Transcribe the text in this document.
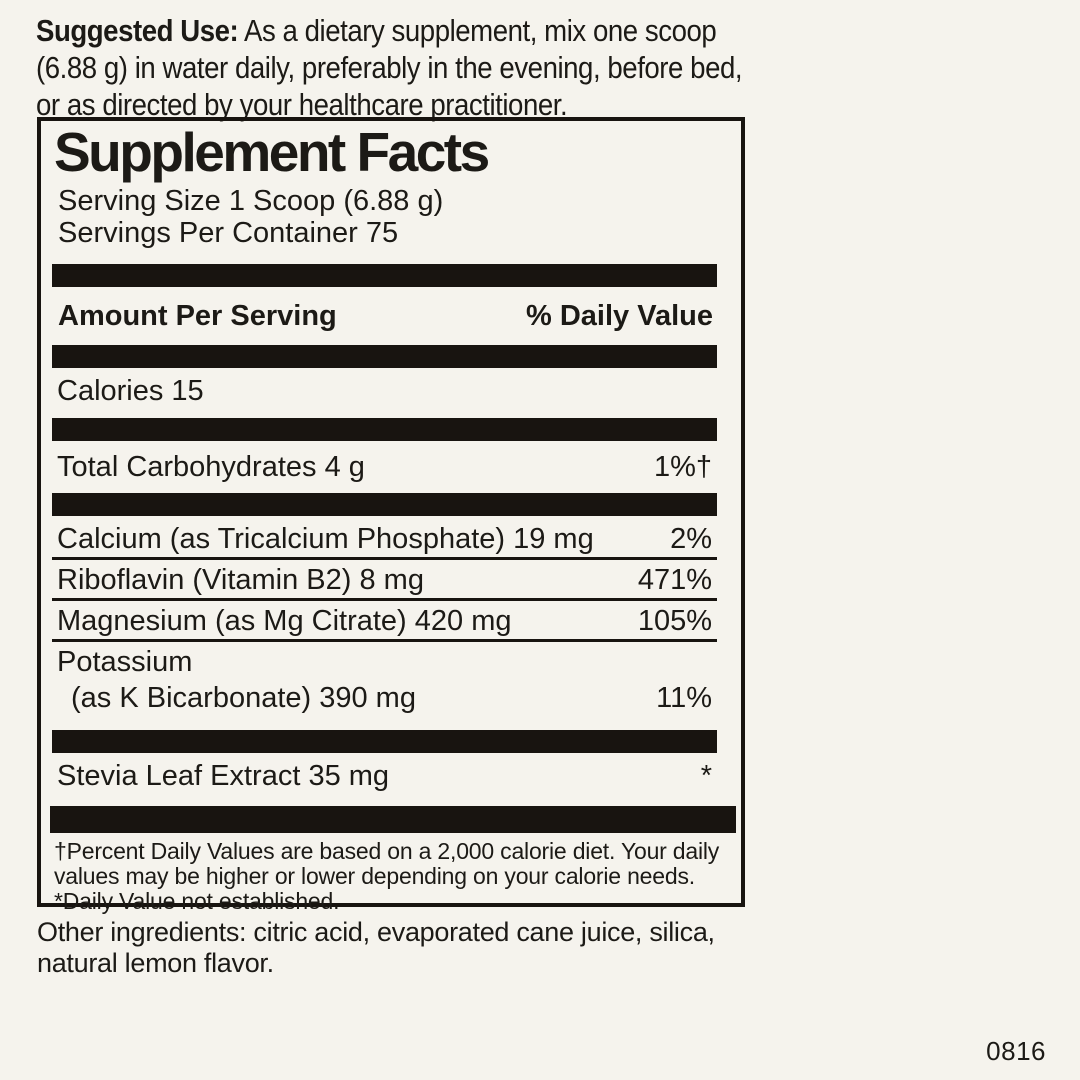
Suggested Use: As a dietary supplement, mix one scoop
(6.88 g) in water daily, preferably in the evening, before bed,
or as directed by your healthcare practitioner.
Supplement Facts
Serving Size 1 Scoop (6.88 g)
Servings Per Container 75
Amount Per Serving	% Daily Value
Calories 15
Total Carbohydrates 4 g	1%†
Calcium (as Tricalcium Phosphate) 19 mg	2%
Riboflavin (Vitamin B2) 8 mg	471%
Magnesium (as Mg Citrate) 420 mg	105%
Potassium
(as K Bicarbonate) 390 mg	11%
Stevia Leaf Extract 35 mg	*
†Percent Daily Values are based on a 2,000 calorie diet. Your daily
values may be higher or lower depending on your calorie needs.
*Daily Value not established.
Other ingredients: citric acid, evaporated cane juice, silica,
natural lemon flavor.
0816
